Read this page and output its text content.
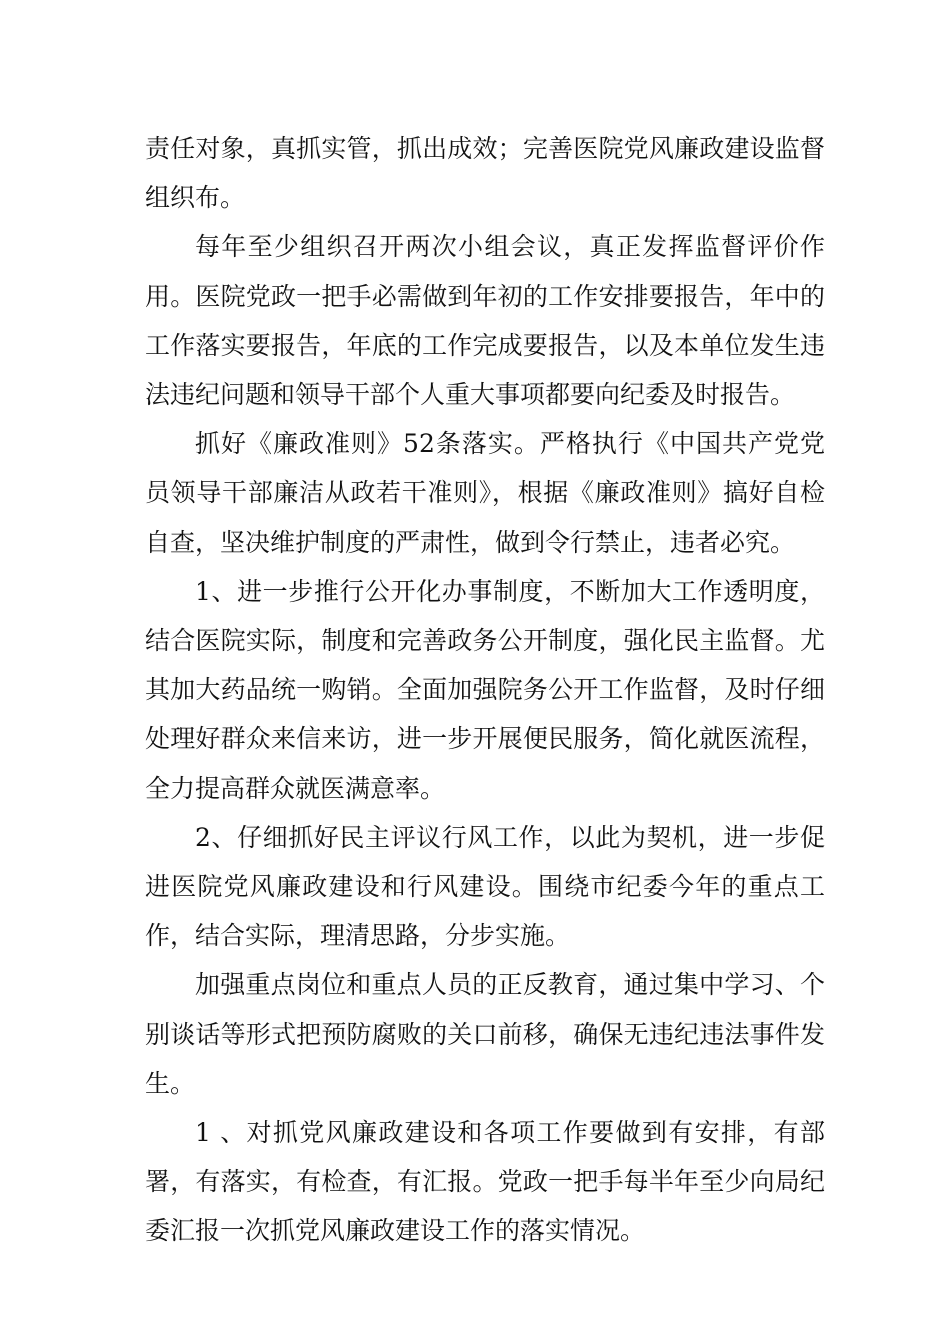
责任对象，真抓实管，抓出成效；完善医院党风廉政建设监督组织布。

每年至少组织召开两次小组会议，真正发挥监督评价作用。医院党政一把手必需做到年初的工作安排要报告，年中的工作落实要报告，年底的工作完成要报告，以及本单位发生违法违纪问题和领导干部个人重大事项都要向纪委及时报告。

抓好《廉政准则》52条落实。严格执行《中国共产党党员领导干部廉洁从政若干准则》，根据《廉政准则》搞好自检自查，坚决维护制度的严肃性，做到令行禁止，违者必究。

1、进一步推行公开化办事制度，不断加大工作透明度，结合医院实际，制度和完善政务公开制度，强化民主监督。尤其加大药品统一购销。全面加强院务公开工作监督，及时仔细处理好群众来信来访，进一步开展便民服务，简化就医流程，全力提高群众就医满意率。

2、仔细抓好民主评议行风工作，以此为契机，进一步促进医院党风廉政建设和行风建设。围绕市纪委今年的重点工作，结合实际，理清思路，分步实施。

加强重点岗位和重点人员的正反教育，通过集中学习、个别谈话等形式把预防腐败的关口前移，确保无违纪违法事件发生。

1 、对抓党风廉政建设和各项工作要做到有安排，有部署，有落实，有检查，有汇报。党政一把手每半年至少向局纪委汇报一次抓党风廉政建设工作的落实情况。
